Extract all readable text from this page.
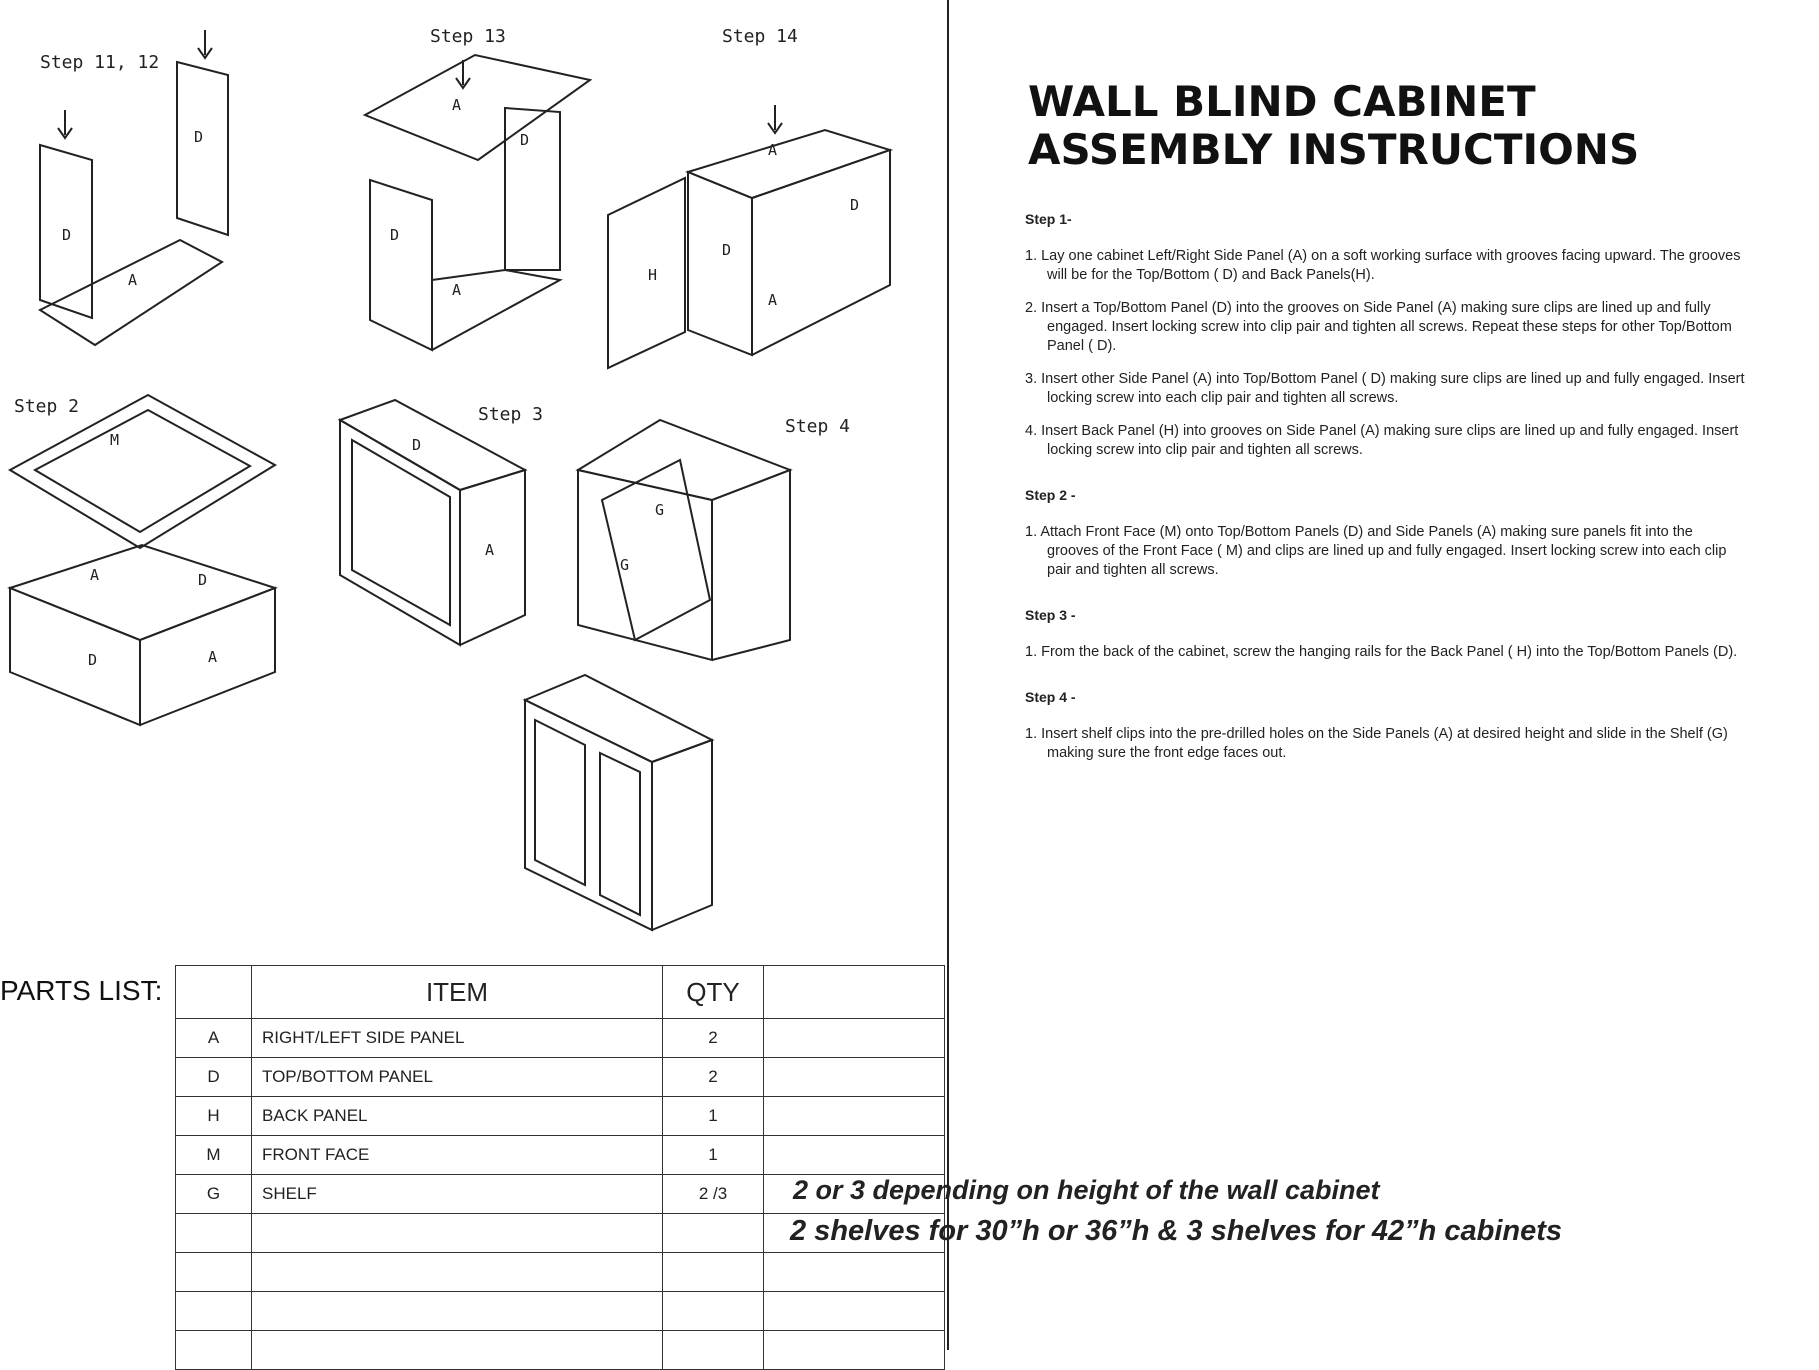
Step 11, 12
D
D
A
Step 13
A
D
D
A
Step 14
A
D
D
H
A
Step 2
M
A	D
D	A
Step 3
D
A
Step 4
G
G
WALL BLIND CABINET
ASSEMBLY INSTRUCTIONS
Step 1-
1. Lay one cabinet Left/Right Side Panel (A) on a soft working surface with grooves facing upward. The grooves will be for the Top/Bottom ( D) and Back Panels(H).
2. Insert a Top/Bottom Panel (D) into the grooves on Side Panel (A) making sure clips are lined up and fully engaged. Insert locking screw into clip pair and tighten all screws. Repeat these steps for other Top/Bottom Panel ( D).
3. Insert other Side Panel (A) into Top/Bottom Panel ( D) making sure clips are lined up and fully engaged. Insert locking screw into each clip pair and tighten all screws.
4. Insert Back Panel (H) into grooves on Side Panel (A) making sure clips are lined up and fully engaged. Insert locking screw into clip pair and tighten all screws.
Step 2 -
1. Attach Front Face (M) onto Top/Bottom Panels (D) and Side Panels (A) making sure panels fit into the grooves of the Front Face ( M) and clips are lined up and fully engaged. Insert locking screw into each clip pair and tighten all screws.
Step 3 -
1. From the back of the cabinet, screw the hanging rails for the Back Panel ( H) into the Top/Bottom Panels (D).
Step 4 -
1. Insert shelf clips into the pre-drilled holes on the Side Panels (A) at desired height and slide in the Shelf (G) making sure the front edge faces out.
PARTS LIST:
		ITEM	QTY	
A	RIGHT/LEFT SIDE PANEL	2	
D	TOP/BOTTOM PANEL	2	
H	BACK PANEL	1	
M	FRONT FACE	1	
G	SHELF	2 /3	

			2 or 3 depending on height of the wall cabinet
2 shelves for 30”h or 36”h & 3 shelves for 42”h cabinets
